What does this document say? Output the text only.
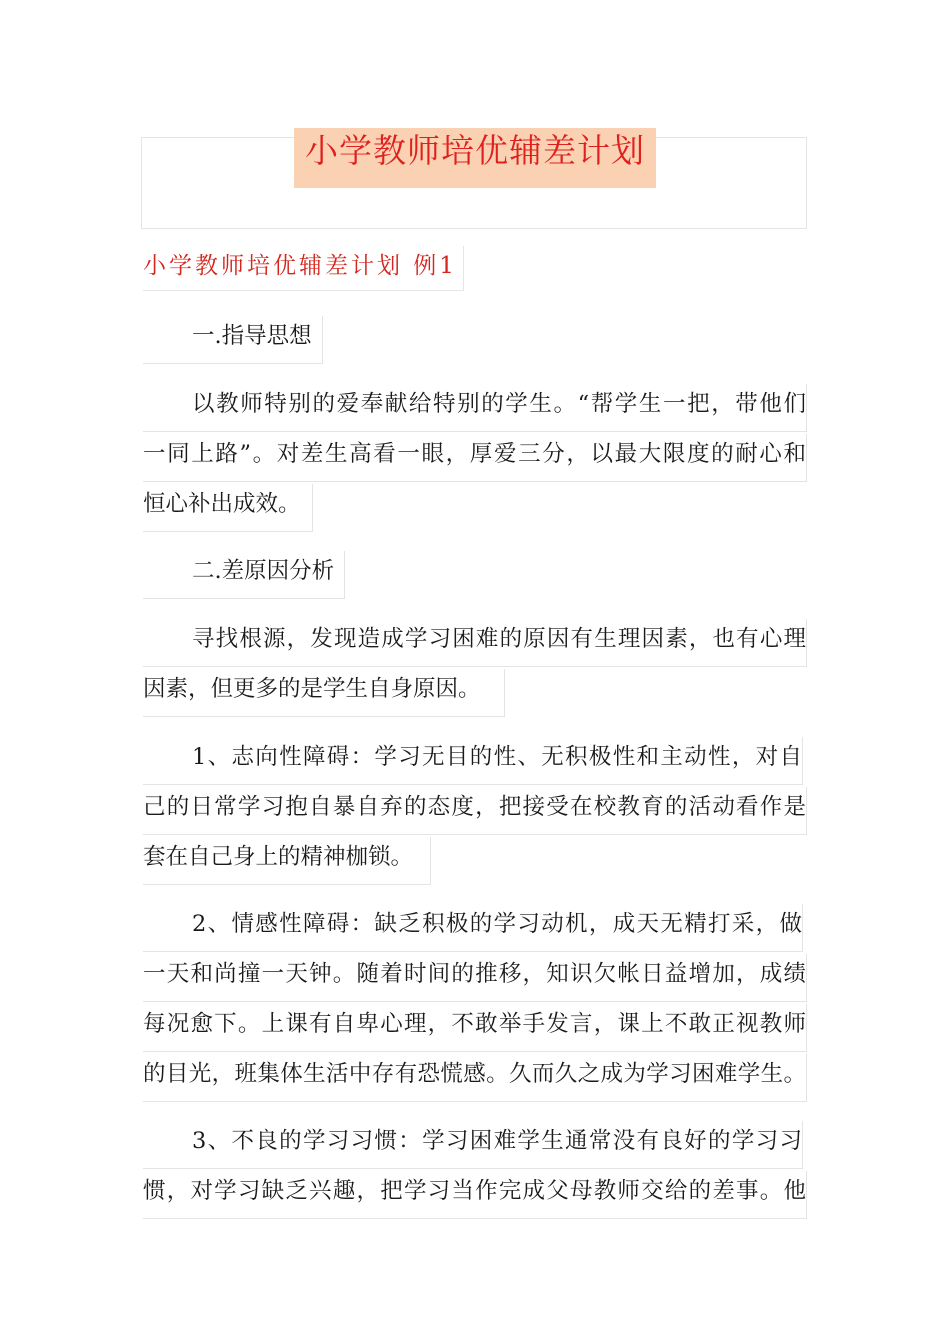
小学教师培优辅差计划
小学教师培优辅差计划 例1
一.指导思想
以教师特别的爱奉献给特别的学生。“帮学生一把，带他们
一同上路”。对差生高看一眼，厚爱三分，以最大限度的耐心和
恒心补出成效。
二.差原因分析
寻找根源，发现造成学习困难的原因有生理因素，也有心理
因素，但更多的是学生自身原因。
1、志向性障碍：学习无目的性、无积极性和主动性，对自
己的日常学习抱自暴自弃的态度，把接受在校教育的活动看作是
套在自己身上的精神枷锁。
2、情感性障碍：缺乏积极的学习动机，成天无精打采，做
一天和尚撞一天钟。随着时间的推移，知识欠帐日益增加，成绩
每况愈下。上课有自卑心理，不敢举手发言，课上不敢正视教师
的目光，班集体生活中存有恐慌感。久而久之成为学习困难学生。
3、不良的学习习惯：学习困难学生通常没有良好的学习习
惯，对学习缺乏兴趣，把学习当作完成父母教师交给的差事。他
